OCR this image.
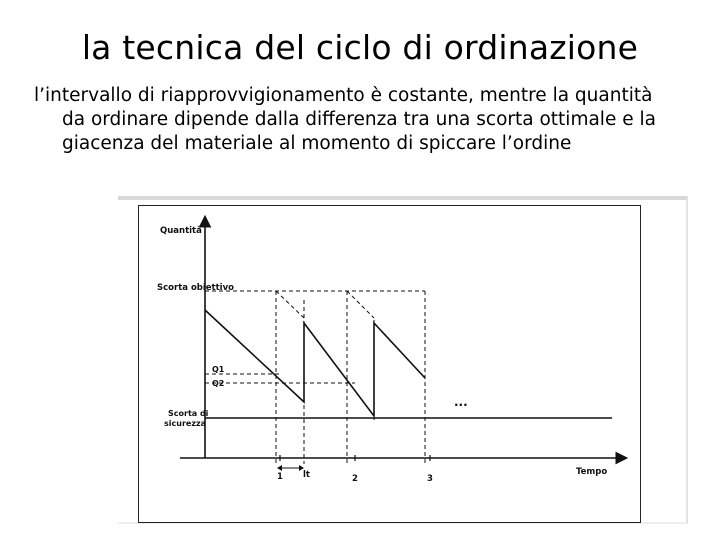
la tecnica del ciclo di ordinazione
l’intervallo di riapprovvigionamento è costante, mentre la quantità da ordinare dipende dalla differenza tra una scorta ottimale e la giacenza del materiale al momento di spiccare l’ordine
Quantità
Tempo
Scorta obiettivo
Scorta di
sicurezza
Q1
Q2
lt
1	2	3
...
